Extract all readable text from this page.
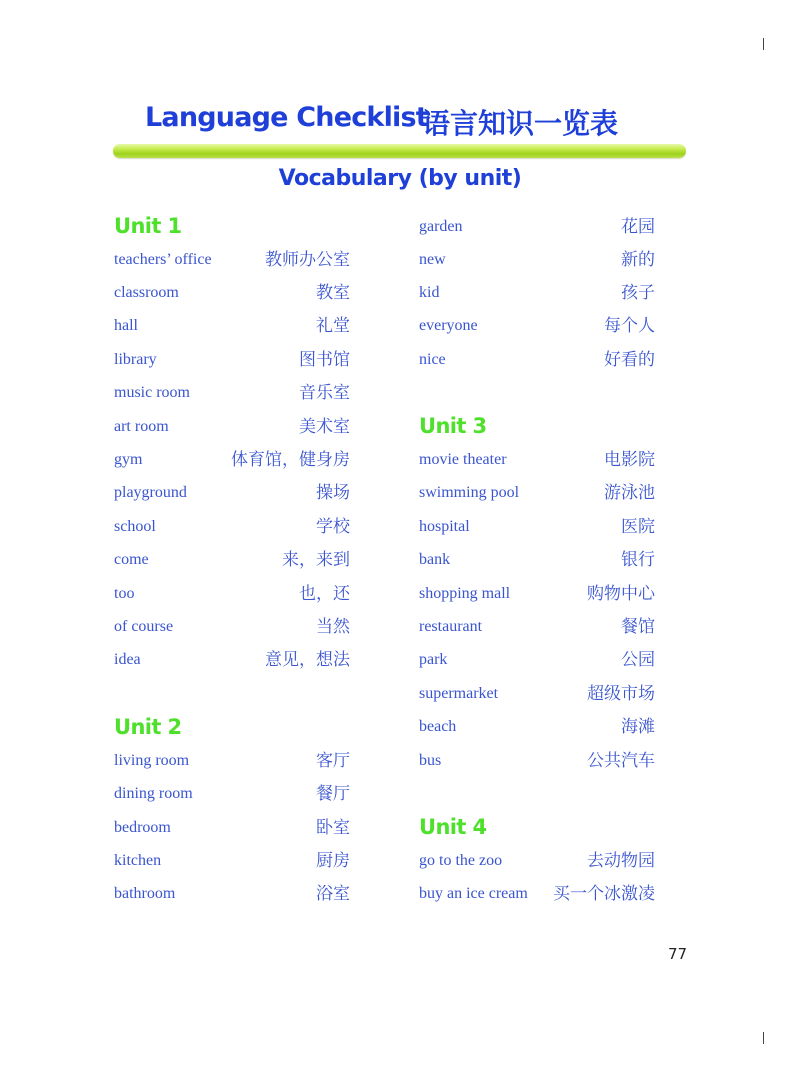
Language Checklist
语言知识一览表
Vocabulary (by unit)
Unit 1
teachers’ office	教师办公室
classroom	教室
hall	礼堂
library	图书馆
music room	音乐室
art room	美术室
gym	体育馆，健身房
playground	操场
school	学校
come	来，来到
too	也，还
of course	当然
idea	意见，想法
Unit 2
living room	客厅
dining room	餐厅
bedroom	卧室
kitchen	厨房
bathroom	浴室
garden	花园
new	新的
kid	孩子
everyone	每个人
nice	好看的
Unit 3
movie theater	电影院
swimming pool	游泳池
hospital	医院
bank	银行
shopping mall	购物中心
restaurant	餐馆
park	公园
supermarket	超级市场
beach	海滩
bus	公共汽车
Unit 4
go to the zoo	去动物园
buy an ice cream 买一个冰激凌
77
